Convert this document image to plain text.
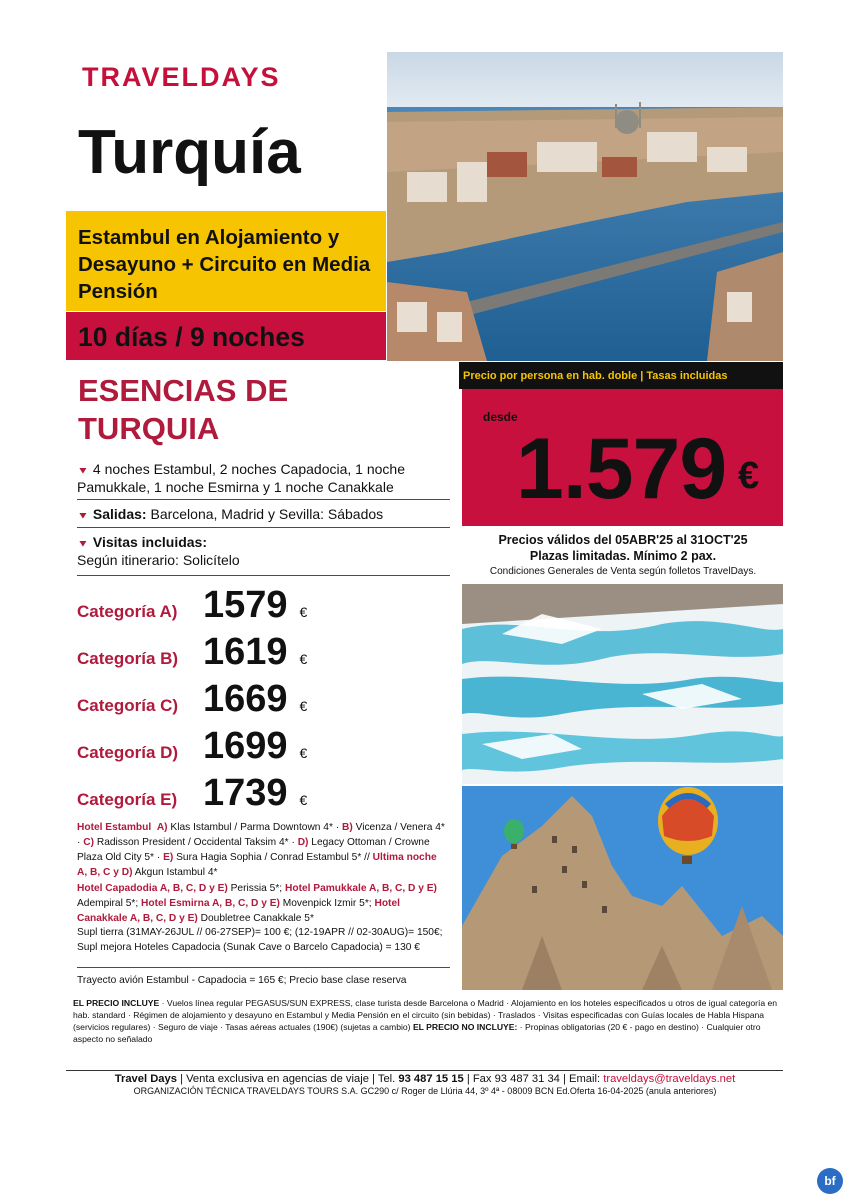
TRAVELDAYS
Turquía
Estambul en Alojamiento y Desayuno + Circuito en Media Pensión
10 días / 9 noches
ESENCIAS DE
TURQUIA
▼ 4 noches Estambul, 2 noches Capadocia, 1 noche Pamukkale, 1 noche Esmirna y 1 noche Canakkale
▼ Salidas: Barcelona, Madrid y Sevilla: Sábados
▼ Visitas incluidas:
Según itinerario: Solicítelo
Categoría A) 1579 €
Categoría B) 1619 €
Categoría C) 1669 €
Categoría D) 1699 €
Categoría E) 1739 €
Hotel Estambul A) Klas Istambul / Parma Downtown 4* · B) Vicenza / Venera 4* · C) Radisson President / Occidental Taksim 4* · D) Legacy Ottoman / Crowne Plaza Old City 5* · E) Sura Hagia Sophia / Conrad Estambul 5* // Ultima noche A, B, C y D) Akgun Istambul 4*
Hotel Capadodia A, B, C, D y E) Perissia 5*; Hotel Pamukkale A, B, C, D y E) Adempiral 5*; Hotel Esmirna A, B, C, D y E) Movenpick Izmir 5*; Hotel Canakkale A, B, C, D y E) Doubletree Canakkale 5*
Supl tierra (31MAY-26JUL // 06-27SEP)= 100 €; (12-19APR // 02-30AUG)= 150€; Supl mejora Hoteles Capadocia (Sunak Cave o Barcelo Capadocia) = 130 €
Trayecto avión Estambul - Capadocia = 165 €; Precio base clase reserva
Precio por persona en hab. doble | Tasas incluidas
desde
1.579 €
Precios válidos del 05ABR'25 al 31OCT'25
Plazas limitadas. Mínimo 2 pax.
Condiciones Generales de Venta según folletos TravelDays.
EL PRECIO INCLUYE · Vuelos línea regular PEGASUS/SUN EXPRESS, clase turista desde Barcelona o Madrid · Alojamiento en los hoteles especificados u otros de igual categoría en hab. standard · Régimen de alojamiento y desayuno en Estambul y Media Pensión en el circuito (sin bebidas) · Traslados · Visitas especificadas con Guías locales de Habla Hispana (servicios regulares) · Seguro de viaje · Tasas aéreas actuales (190€) (sujetas a cambio) EL PRECIO NO INCLUYE: · Propinas obligatorias (20 € - pago en destino) · Cualquier otro aspecto no señalado
Travel Days | Venta exclusiva en agencias de viaje | Tel. 93 487 15 15 | Fax 93 487 31 34 | Email: traveldays@traveldays.net
ORGANIZACIÓN TÉCNICA TRAVELDAYS TOURS S.A. GC290 c/ Roger de Llúria 44, 3º 4ª - 08009 BCN Ed.Oferta 16-04-2025 (anula anteriores)
bf
